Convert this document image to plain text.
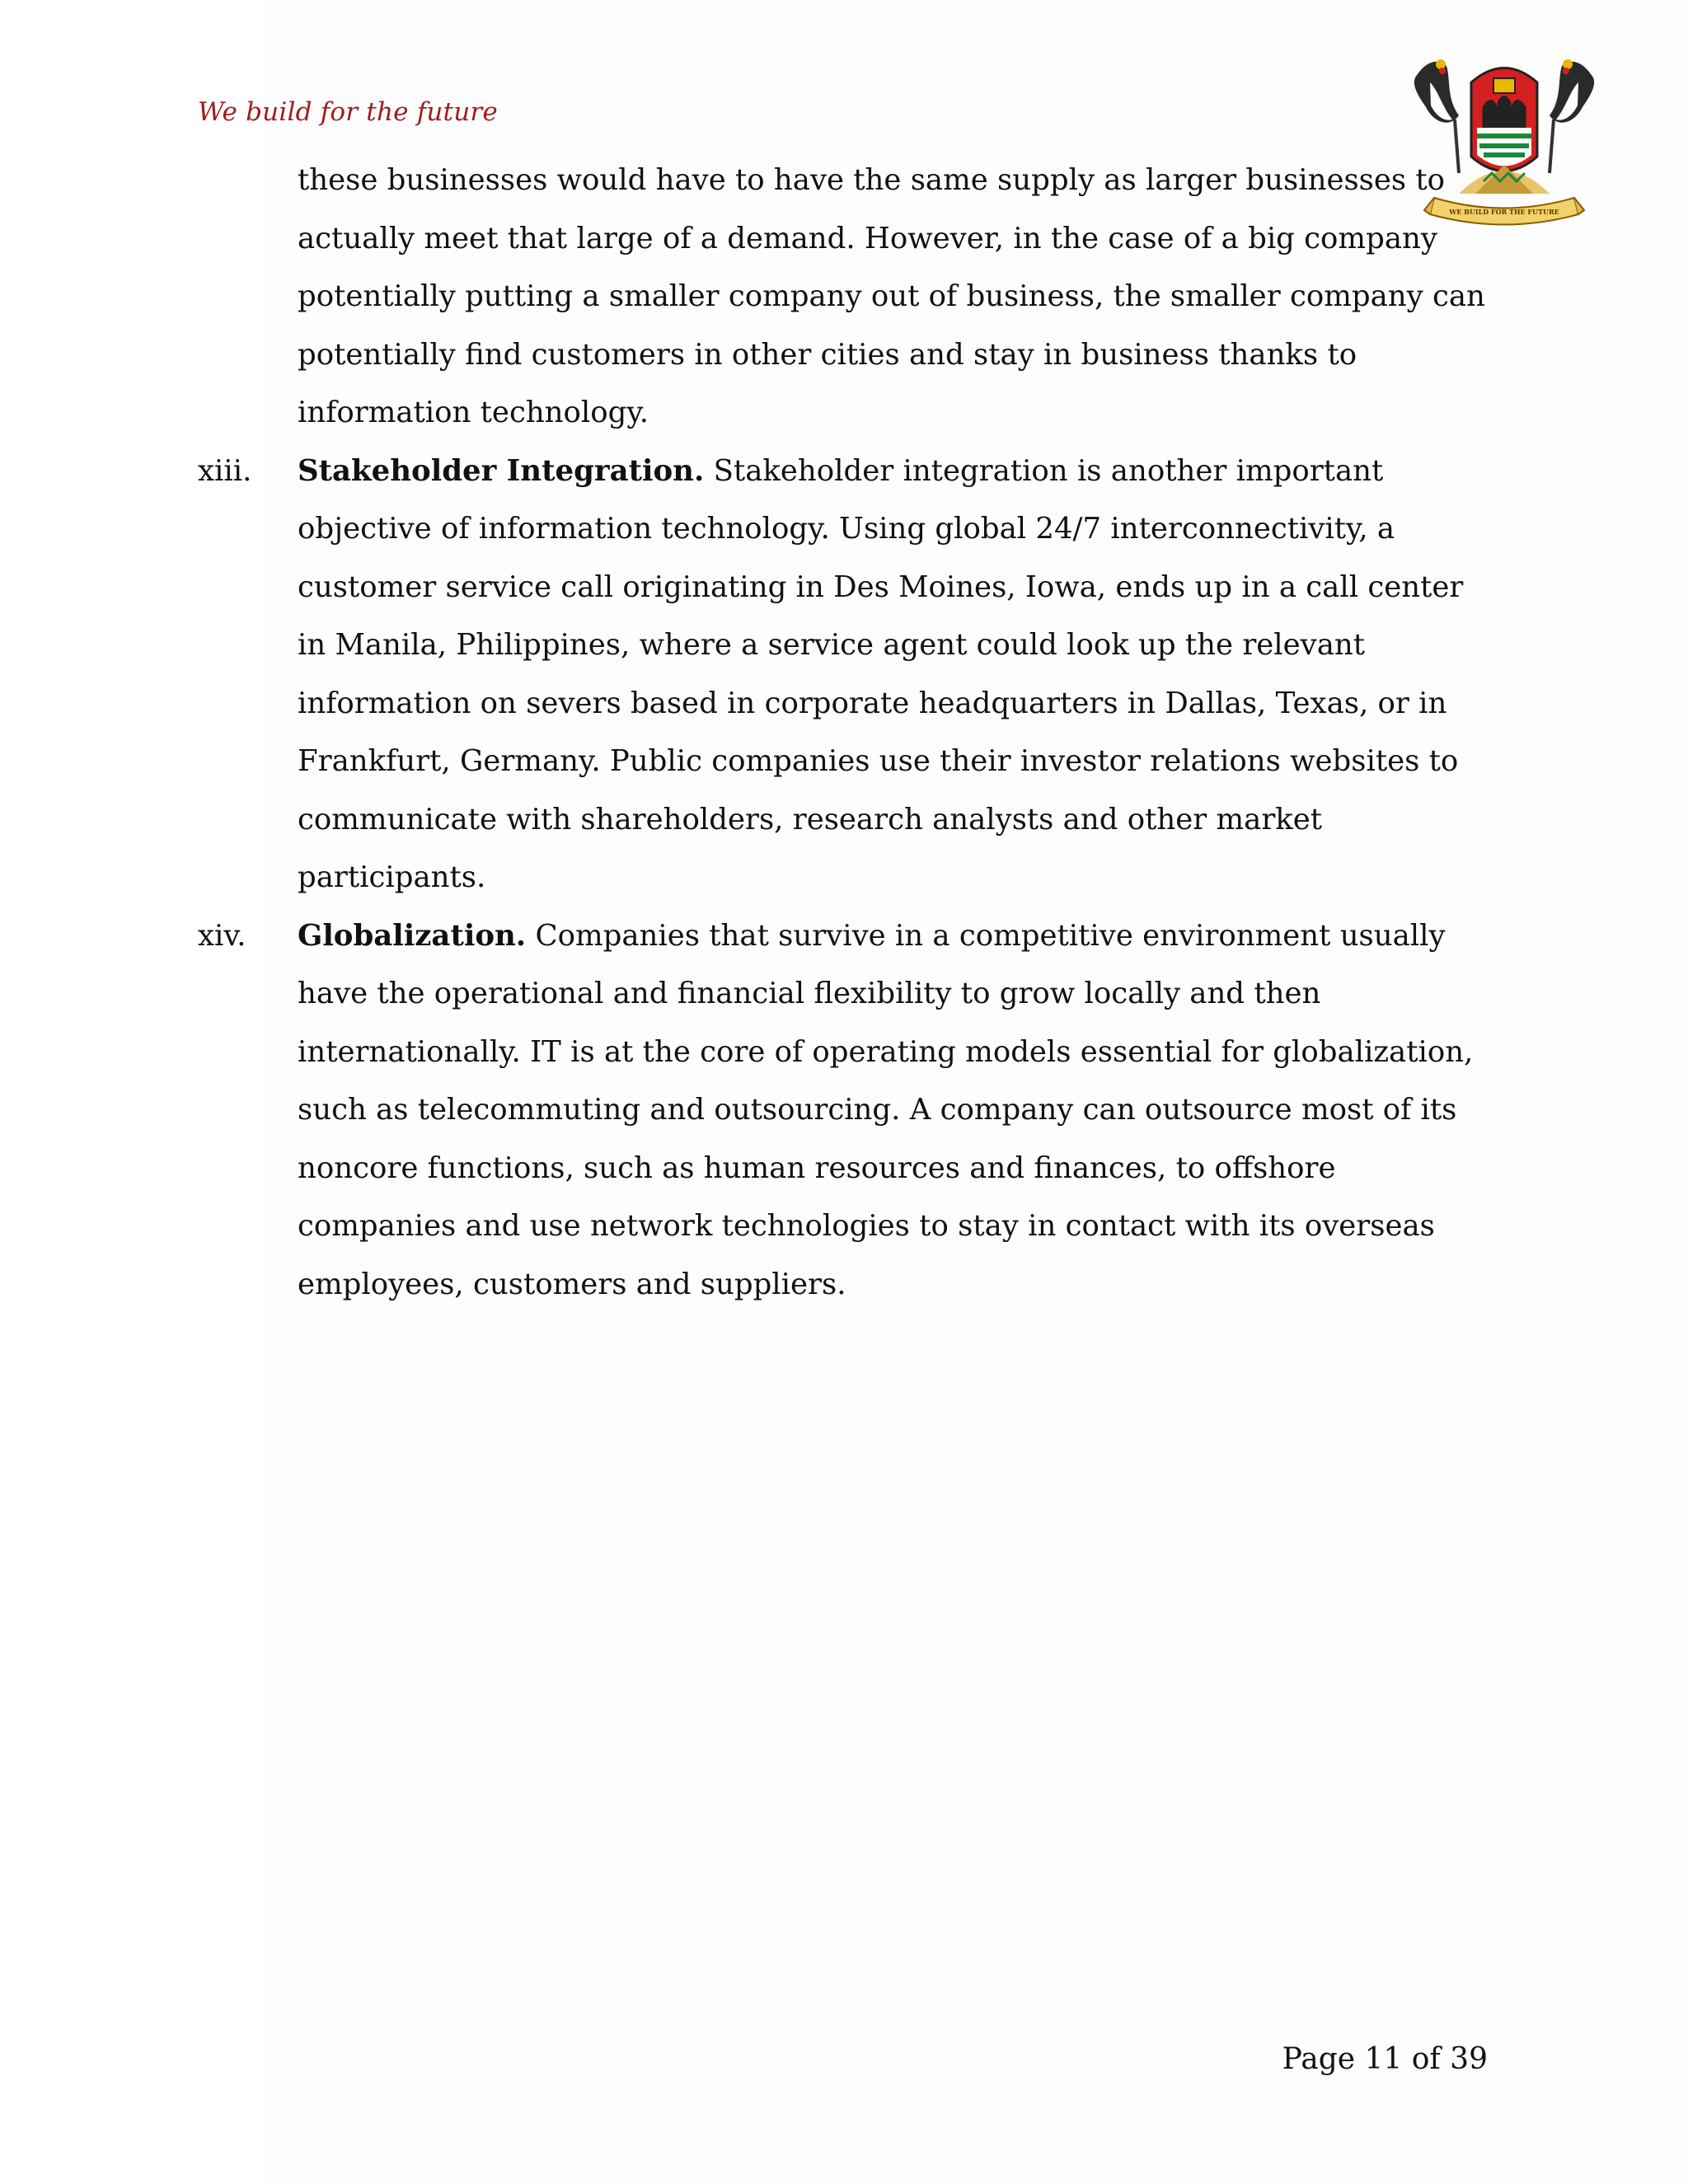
We build for the future
WE BUILD FOR THE FUTURE

these businesses would have to have the same supply as larger businesses to actually meet that large of a demand. However, in the case of a big company potentially putting a smaller company out of business, the smaller company can potentially find customers in other cities and stay in business thanks to information technology.

xiii.	Stakeholder Integration. Stakeholder integration is another important objective of information technology. Using global 24/7 interconnectivity, a customer service call originating in Des Moines, Iowa, ends up in a call center in Manila, Philippines, where a service agent could look up the relevant information on severs based in corporate headquarters in Dallas, Texas, or in Frankfurt, Germany. Public companies use their investor relations websites to communicate with shareholders, research analysts and other market participants.
xiv.	Globalization. Companies that survive in a competitive environment usually have the operational and financial flexibility to grow locally and then internationally. IT is at the core of operating models essential for globalization, such as telecommuting and outsourcing. A company can outsource most of its noncore functions, such as human resources and finances, to offshore companies and use network technologies to stay in contact with its overseas employees, customers and suppliers.
Page 11 of 39
